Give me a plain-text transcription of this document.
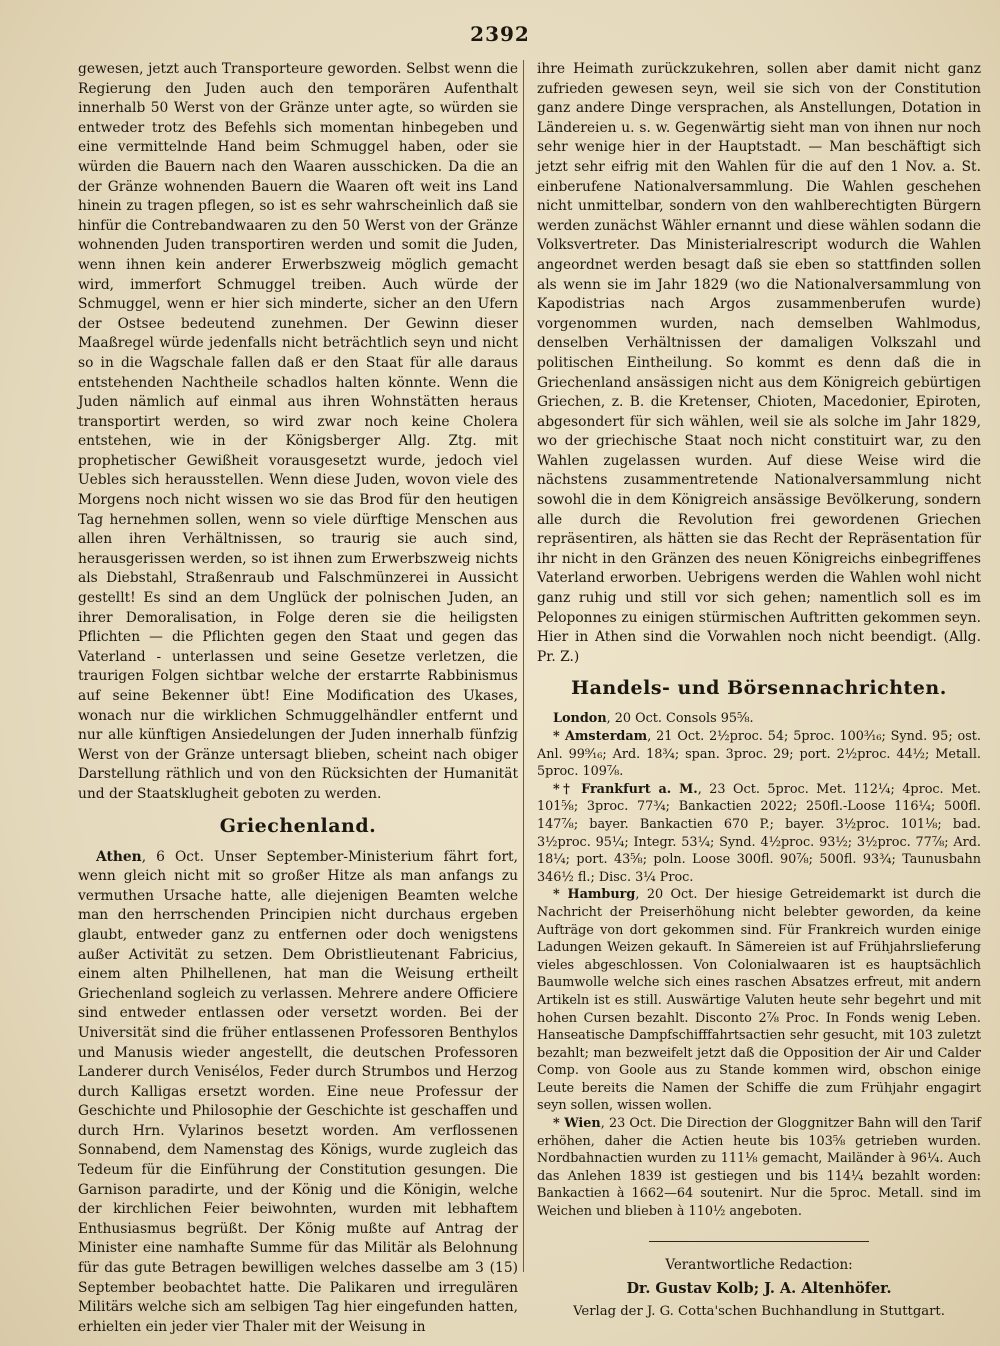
2392

gewesen, jetzt auch Transporteure geworden. Selbst wenn die Regierung den Juden auch den temporären Aufenthalt innerhalb 50 Werst von der Gränze unter agte, so würden sie entweder trotz des Befehls sich momentan hinbegeben und eine vermittelnde Hand beim Schmuggel haben, oder sie würden die Bauern nach den Waaren ausschicken. Da die an der Gränze wohnenden Bauern die Waaren oft weit ins Land hinein zu tragen pflegen, so ist es sehr wahrscheinlich daß sie hinfür die Contrebandwaaren zu den 50 Werst von der Gränze wohnenden Juden transportiren werden und somit die Juden, wenn ihnen kein anderer Erwerbszweig möglich gemacht wird, immerfort Schmuggel treiben. Auch würde der Schmuggel, wenn er hier sich minderte, sicher an den Ufern der Ostsee bedeutend zunehmen. Der Gewinn dieser Maaßregel würde jedenfalls nicht beträchtlich seyn und nicht so in die Wagschale fallen daß er den Staat für alle daraus entstehenden Nachtheile schadlos halten könnte. Wenn die Juden nämlich auf einmal aus ihren Wohnstätten heraus transportirt werden, so wird zwar noch keine Cholera entstehen, wie in der Königsberger Allg. Ztg. mit prophetischer Gewißheit vorausgesetzt wurde, jedoch viel Uebles sich herausstellen. Wenn diese Juden, wovon viele des Morgens noch nicht wissen wo sie das Brod für den heutigen Tag hernehmen sollen, wenn so viele dürftige Menschen aus allen ihren Verhältnissen, so traurig sie auch sind, herausgerissen werden, so ist ihnen zum Erwerbszweig nichts als Diebstahl, Straßenraub und Falschmünzerei in Aussicht gestellt! Es sind an dem Unglück der polnischen Juden, an ihrer Demoralisation, in Folge deren sie die heiligsten Pflichten — die Pflichten gegen den Staat und gegen das Vaterland - unterlassen und seine Gesetze verletzen, die traurigen Folgen sichtbar welche der erstarrte Rabbinismus auf seine Bekenner übt! Eine Modification des Ukases, wonach nur die wirklichen Schmuggelhändler entfernt und nur alle künftigen Ansiedelungen der Juden innerhalb fünfzig Werst von der Gränze untersagt blieben, scheint nach obiger Darstellung räthlich und von den Rücksichten der Humanität und der Staatsklugheit geboten zu werden.

Griechenland.

Athen, 6 Oct. Unser September-Ministerium fährt fort, wenn gleich nicht mit so großer Hitze als man anfangs zu vermuthen Ursache hatte, alle diejenigen Beamten welche man den herrschenden Principien nicht durchaus ergeben glaubt, entweder ganz zu entfernen oder doch wenigstens außer Activität zu setzen. Dem Obristlieutenant Fabricius, einem alten Philhellenen, hat man die Weisung ertheilt Griechenland sogleich zu verlassen. Mehrere andere Officiere sind entweder entlassen oder versetzt worden. Bei der Universität sind die früher entlassenen Professoren Benthylos und Manusis wieder angestellt, die deutschen Professoren Landerer durch Venisélos, Feder durch Strumbos und Herzog durch Kalligas ersetzt worden. Eine neue Professur der Geschichte und Philosophie der Geschichte ist geschaffen und durch Hrn. Vylarinos besetzt worden. Am verflossenen Sonnabend, dem Namenstag des Königs, wurde zugleich das Tedeum für die Einführung der Constitution gesungen. Die Garnison paradirte, und der König und die Königin, welche der kirchlichen Feier beiwohnten, wurden mit lebhaftem Enthusiasmus begrüßt. Der König mußte auf Antrag der Minister eine namhafte Summe für das Militär als Belohnung für das gute Betragen bewilligen welches dasselbe am 3 (15) September beobachtet hatte. Die Palikaren und irregulären Militärs welche sich am selbigen Tag hier eingefunden hatten, erhielten ein jeder vier Thaler mit der Weisung in

ihre Heimath zurückzukehren, sollen aber damit nicht ganz zufrieden gewesen seyn, weil sie sich von der Constitution ganz andere Dinge versprachen, als Anstellungen, Dotation in Ländereien u. s. w. Gegenwärtig sieht man von ihnen nur noch sehr wenige hier in der Hauptstadt. — Man beschäftigt sich jetzt sehr eifrig mit den Wahlen für die auf den 1 Nov. a. St. einberufene Nationalversammlung. Die Wahlen geschehen nicht unmittelbar, sondern von den wahlberechtigten Bürgern werden zunächst Wähler ernannt und diese wählen sodann die Volksvertreter. Das Ministerialrescript wodurch die Wahlen angeordnet werden besagt daß sie eben so stattfinden sollen als wenn sie im Jahr 1829 (wo die Nationalversammlung von Kapodistrias nach Argos zusammenberufen wurde) vorgenommen wurden, nach demselben Wahlmodus, denselben Verhältnissen der damaligen Volkszahl und politischen Eintheilung. So kommt es denn daß die in Griechenland ansässigen nicht aus dem Königreich gebürtigen Griechen, z. B. die Kretenser, Chioten, Macedonier, Epiroten, abgesondert für sich wählen, weil sie als solche im Jahr 1829, wo der griechische Staat noch nicht constituirt war, zu den Wahlen zugelassen wurden. Auf diese Weise wird die nächstens zusammentretende Nationalversammlung nicht sowohl die in dem Königreich ansässige Bevölkerung, sondern alle durch die Revolution frei gewordenen Griechen repräsentiren, als hätten sie das Recht der Repräsentation für ihr nicht in den Gränzen des neuen Königreichs einbegriffenes Vaterland erworben. Uebrigens werden die Wahlen wohl nicht ganz ruhig und still vor sich gehen; namentlich soll es im Peloponnes zu einigen stürmischen Auftritten gekommen seyn. Hier in Athen sind die Vorwahlen noch nicht beendigt. (Allg. Pr. Z.)

Handels- und Börsennachrichten.

London, 20 Oct. Consols 95⅝.

* Amsterdam, 21 Oct. 2½proc. 54; 5proc. 100³⁄₁₆; Synd. 95; ost. Anl. 99⁹⁄₁₆; Ard. 18¾; span. 3proc. 29; port. 2½proc. 44½; Metall. 5proc. 109⅞.

*† Frankfurt a. M., 23 Oct. 5proc. Met. 112¼; 4proc. Met. 101⅝; 3proc. 77¾; Bankactien 2022; 250fl.-Loose 116¼; 500fl. 147⅞; bayer. Bankactien 670 P.; bayer. 3½proc. 101⅛; bad. 3½proc. 95¼; Integr. 53¼; Synd. 4½proc. 93½; 3½proc. 77⅞; Ard. 18¼; port. 43⅝; poln. Loose 300fl. 90⅞; 500fl. 93¾; Taunusbahn 346½ fl.; Disc. 3¼ Proc.

* Hamburg, 20 Oct. Der hiesige Getreidemarkt ist durch die Nachricht der Preiserhöhung nicht belebter geworden, da keine Aufträge von dort gekommen sind. Für Frankreich wurden einige Ladungen Weizen gekauft. In Sämereien ist auf Frühjahrslieferung vieles abgeschlossen. Von Colonialwaaren ist es hauptsächlich Baumwolle welche sich eines raschen Absatzes erfreut, mit andern Artikeln ist es still. Auswärtige Valuten heute sehr begehrt und mit hohen Cursen bezahlt. Disconto 2⅞ Proc. In Fonds wenig Leben. Hanseatische Dampfschifffahrtsactien sehr gesucht, mit 103 zuletzt bezahlt; man bezweifelt jetzt daß die Opposition der Air und Calder Comp. von Goole aus zu Stande kommen wird, obschon einige Leute bereits die Namen der Schiffe die zum Frühjahr engagirt seyn sollen, wissen wollen.

* Wien, 23 Oct. Die Direction der Gloggnitzer Bahn will den Tarif erhöhen, daher die Actien heute bis 103⅝ getrieben wurden. Nordbahnactien wurden zu 111⅛ gemacht, Mailänder à 96¼. Auch das Anlehen 1839 ist gestiegen und bis 114¼ bezahlt worden: Bankactien à 1662—64 soutenirt. Nur die 5proc. Metall. sind im Weichen und blieben à 110½ angeboten.

Verantwortliche Redaction:
Dr. Gustav Kolb; J. A. Altenhöfer.
Verlag der J. G. Cotta'schen Buchhandlung in Stuttgart.
